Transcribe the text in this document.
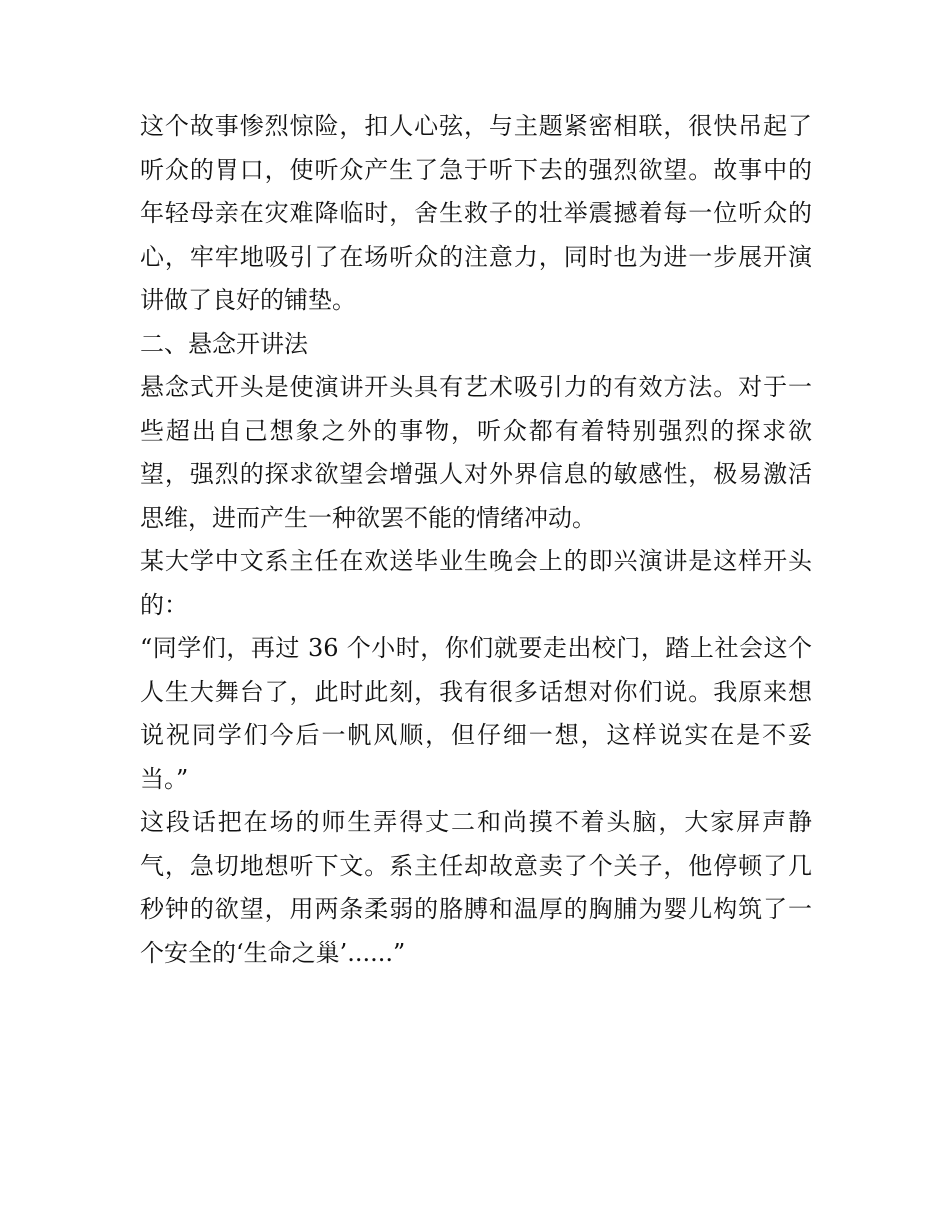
这个故事惨烈惊险，扣人心弦，与主题紧密相联，很快吊起了
听众的胃口，使听众产生了急于听下去的强烈欲望。故事中的
年轻母亲在灾难降临时，舍生救子的壮举震撼着每一位听众的
心，牢牢地吸引了在场听众的注意力，同时也为进一步展开演
讲做了良好的铺垫。
二、悬念开讲法
悬念式开头是使演讲开头具有艺术吸引力的有效方法。对于一
些超出自己想象之外的事物，听众都有着特别强烈的探求欲
望，强烈的探求欲望会增强人对外界信息的敏感性，极易激活
思维，进而产生一种欲罢不能的情绪冲动。
某大学中文系主任在欢送毕业生晚会上的即兴演讲是这样开头
的：
“同学们，再过 36 个小时，你们就要走出校门，踏上社会这个
人生大舞台了，此时此刻，我有很多话想对你们说。我原来想
说祝同学们今后一帆风顺，但仔细一想，这样说实在是不妥
当。”
这段话把在场的师生弄得丈二和尚摸不着头脑，大家屏声静
气，急切地想听下文。系主任却故意卖了个关子，他停顿了几
秒钟的欲望，用两条柔弱的胳膊和温厚的胸脯为婴儿构筑了一
个安全的‘生命之巢’......”
